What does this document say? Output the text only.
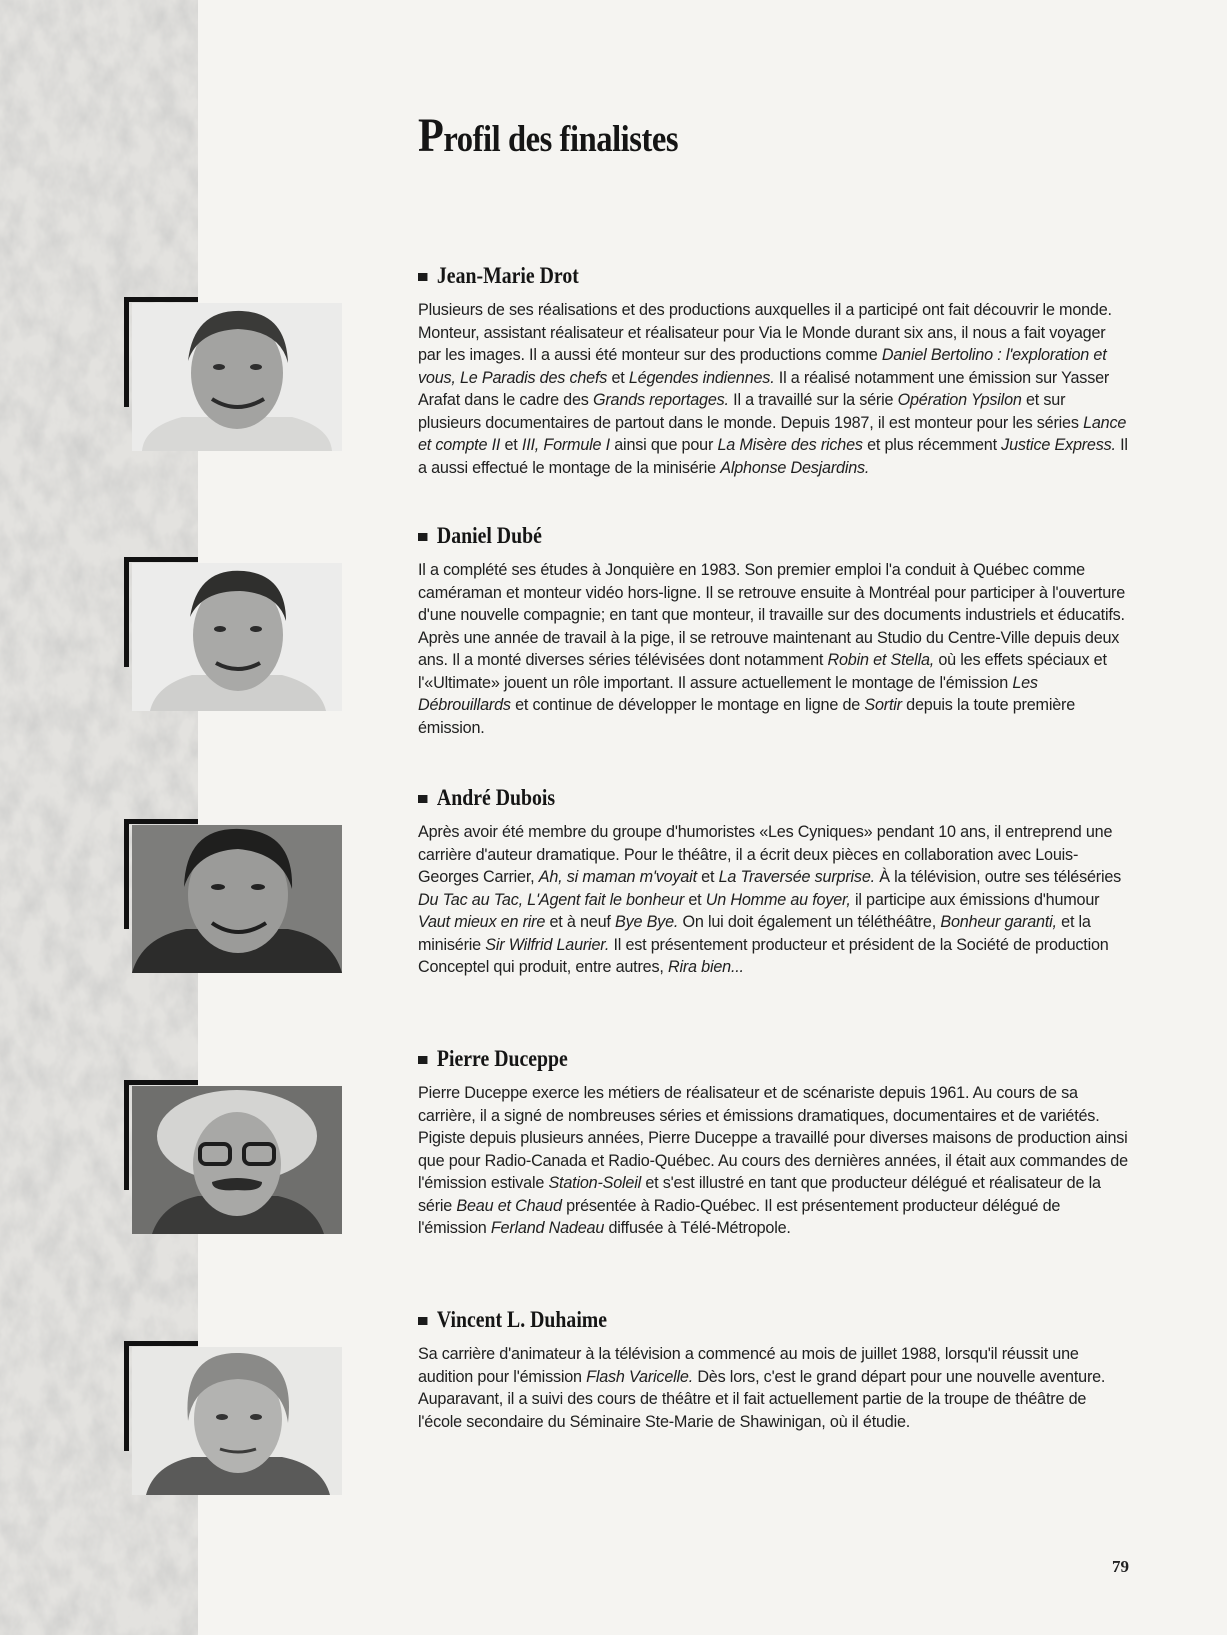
Profil des finalistes
Jean-Marie Drot

Plusieurs de ses réalisations et des productions auxquelles il a participé ont fait découvrir le monde. Monteur, assistant réalisateur et réalisateur pour Via le Monde durant six ans, il nous a fait voyager par les images. Il a aussi été monteur sur des productions comme Daniel Bertolino : l'exploration et vous, Le Paradis des chefs et Légendes indiennes. Il a réalisé notamment une émission sur Yasser Arafat dans le cadre des Grands reportages. Il a travaillé sur la série Opération Ypsilon et sur plusieurs documentaires de partout dans le monde. Depuis 1987, il est monteur pour les séries Lance et compte II et III, Formule I ainsi que pour La Misère des riches et plus récemment Justice Express. Il a aussi effectué le montage de la minisérie Alphonse Desjardins.

Daniel Dubé

Il a complété ses études à Jonquière en 1983. Son premier emploi l'a conduit à Québec comme caméraman et monteur vidéo hors-ligne. Il se retrouve ensuite à Montréal pour participer à l'ouverture d'une nouvelle compagnie; en tant que monteur, il travaille sur des documents industriels et éducatifs. Après une année de travail à la pige, il se retrouve maintenant au Studio du Centre-Ville depuis deux ans. Il a monté diverses séries télévisées dont notamment Robin et Stella, où les effets spéciaux et l'«Ultimate» jouent un rôle important. Il assure actuellement le montage de l'émission Les Débrouillards et continue de développer le montage en ligne de Sortir depuis la toute première émission.

André Dubois

Après avoir été membre du groupe d'humoristes «Les Cyniques» pendant 10 ans, il entreprend une carrière d'auteur dramatique. Pour le théâtre, il a écrit deux pièces en collaboration avec Louis-Georges Carrier, Ah, si maman m'voyait et La Traversée surprise. À la télévision, outre ses téléséries Du Tac au Tac, L'Agent fait le bonheur et Un Homme au foyer, il participe aux émissions d'humour Vaut mieux en rire et à neuf Bye Bye. On lui doit également un téléthéâtre, Bonheur garanti, et la minisérie Sir Wilfrid Laurier. Il est présentement producteur et président de la Société de production Conceptel qui produit, entre autres, Rira bien...

Pierre Duceppe

Pierre Duceppe exerce les métiers de réalisateur et de scénariste depuis 1961. Au cours de sa carrière, il a signé de nombreuses séries et émissions dramatiques, documentaires et de variétés. Pigiste depuis plusieurs années, Pierre Duceppe a travaillé pour diverses maisons de production ainsi que pour Radio-Canada et Radio-Québec. Au cours des dernières années, il était aux commandes de l'émission estivale Station-Soleil et s'est illustré en tant que producteur délégué et réalisateur de la série Beau et Chaud présentée à Radio-Québec. Il est présentement producteur délégué de l'émission Ferland Nadeau diffusée à Télé-Métropole.

Vincent L. Duhaime

Sa carrière d'animateur à la télévision a commencé au mois de juillet 1988, lorsqu'il réussit une audition pour l'émission Flash Varicelle. Dès lors, c'est le grand départ pour une nouvelle aventure. Auparavant, il a suivi des cours de théâtre et il fait actuellement partie de la troupe de théâtre de l'école secondaire du Séminaire Ste-Marie de Shawinigan, où il étudie.

79
